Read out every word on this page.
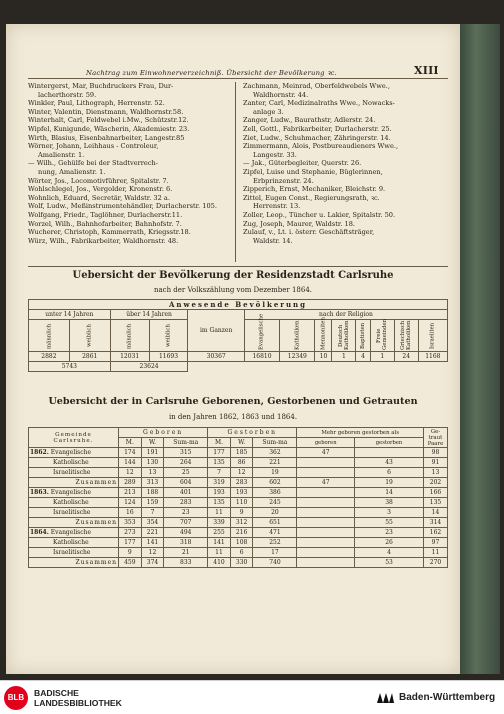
Nachtrag zum Einwohnerverzeichniß. Übersicht der Bevölkerung ꝛc.	XIII
Wintergerst, Mar, Buchdruckers Frau, Dur-
lacherthorstr. 59.
Winkler, Paul, Lithograph, Herrenstr. 52.
Winter, Valentin, Dienstmann, Waldhornstr.58.
Winterhalt, Carl, Feldwebel i.Mw., Schützstr.12.
Wipfel, Kunigunde, Wäscherin, Akademiestr. 23.
Wirth, Blasius, Eisenbahnarbeiter, Langestr.85
Wörner, Johann, Leihhaus - Controleur,
Amalienstr. 1.
— Wilh., Gehülfe bei der Stadtverrech-
nung, Amalienstr. 1.
Wörter, Jos., Locomotivführer, Spitalstr. 7.
Wohlschlegel, Jos., Vergolder, Kronenstr. 6.
Wohnlich, Eduard, Secretär, Waldstr. 32 a.
Wolf, Ludw., Meßinstrumentehändler, Durlacherstr. 105.
Wolfgang, Friedr., Taglöhner, Durlacherstr.11.
Worzel, Wilh., Bahnhofarbeiter, Bahnhofstr. 7.
Wucherer, Christoph, Kammerrath, Kriegsstr.18.
Würz, Wilh., Fabrikarbeiter, Waldhornstr. 48.
Zachmann, Meinrad, Oberfeldwebels Wwe.,
Waldhornstr. 44.
Zanter, Carl, Medizinalraths Wwe., Nowacks-
anlage 3.
Zanger, Ludw., Baurathstr, Adlerstr. 24.
Zell, Gottl., Fabrikarbeiter, Durlacherstr. 25.
Ziet, Ludw., Schuhmacher, Zähringerstr. 14.
Zimmermann, Alois, Postbureaudieners Wwe.,
Langestr. 33.
— Jak., Güterbegleiter, Querstr. 26.
Zipfel, Luise und Stephanie, Büglerinnen,
Erbprinzenstr. 24.
Zipperich, Ernst, Mechaniker, Bleichstr. 9.
Zittel, Eugen Const., Regierungsrath, ꝛc.
Herrenstr. 13.
Zoller, Leop., Tüncher u. Lakier, Spitalstr. 50.
Zug, Joseph, Maurer, Waldstr. 18.
Zulauf, v., Lt. i. österr. Geschäftsträger,
Waldstr. 14.
Uebersicht der Bevölkerung der Residenzstadt Carlsruhe
nach der Volkszählung vom Dezember 1864.
Anwesende Bevölkerung												
unter 14 Jahren		über 14 Jahren		im Ganzen	nach der Religion							
männlich	weiblich	männlich	weiblich		Evangelische	Katholiken	Mennoniten	Deutsch Katholiken	Baptisten	Freie Gemeinden	Griechisch Katholiken	Israeliten
2882	2861	12031	11693	30367	16810	12349	10	1	4	1	24	1168
5743		23624										
Uebersicht der in Carlsruhe Geborenen, Gestorbenen und Getrauten
in den Jahren 1862, 1863 und 1864.
Gemeinde
Carlsruhe.	Geboren			Gestorben			Mehr geboren gestorben als		Ge-traut Paare
	M.	W.	Sum-ma	M.	W.	Sum-ma	geboren	gestorben	
1862. Evangelische	174	191	315	177	185	362	47		98
Katholische	144	130	264	135	86	221		43	91
Israelitische	12	13	25	7	12	19		6	13
Zusammen	289	313	604	319	283	602	47	19	202
1863. Evangelische	213	188	401	193	193	386		14	166
Katholische	124	159	283	135	110	245		38	135
Israelitische	16	7	23	11	9	20		3	14
Zusammen	353	354	707	339	312	651		55	314
1864. Evangelische	273	221	494	255	216	471		23	162
Katholische	177	141	318	141	108	252		26	97
Israelitische	9	12	21	11	6	17		4	11
Zusammen	459	374	833	410	330	740		53	270
BLB	BADISCHE
LANDESBIBLIOTHEK	Baden-Württemberg
